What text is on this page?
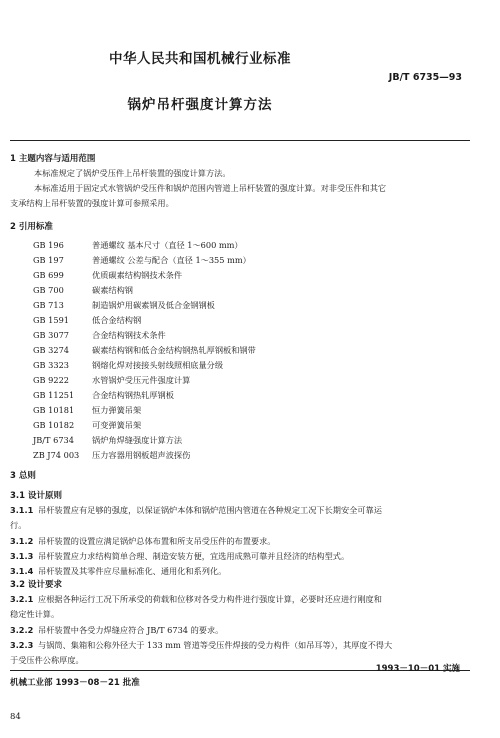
中华人民共和国机械行业标准
JB/T 6735—93
锅炉吊杆强度计算方法
1 主题内容与适用范围
本标准规定了锅炉受压件上吊杆装置的强度计算方法。
本标准适用于固定式水管锅炉受压件和锅炉范围内管道上吊杆装置的强度计算。对非受压件和其它
支承结构上吊杆装置的强度计算可参照采用。
2 引用标准
GB 196	普通螺纹 基本尺寸（直径 1～600 mm）
GB 197	普通螺纹 公差与配合（直径 1～355 mm）
GB 699	优质碳素结构钢技术条件
GB 700	碳素结构钢
GB 713	制造锅炉用碳素钢及低合金钢钢板
GB 1591	低合金结构钢
GB 3077	合金结构钢技术条件
GB 3274	碳素结构钢和低合金结构钢热轧厚钢板和钢带
GB 3323	钢熔化焊对接接头射线照相底量分级
GB 9222	水管锅炉受压元件强度计算
GB 11251 合金结构钢热轧厚钢板
GB 10181 恒力弹簧吊架
GB 10182 可变弹簧吊架
JB/T 6734 锅炉角焊缝强度计算方法
ZB J74 003 压力容器用钢板超声波探伤
3 总则
3.1 设计原则
3.1.1 吊杆装置应有足够的强度，以保证锅炉本体和锅炉范围内管道在各种规定工况下长期安全可靠运
行。
3.1.2 吊杆装置的设置应满足锅炉总体布置和所支吊受压件的布置要求。
3.1.3 吊杆装置应力求结构简单合理、制造安装方便，宜选用成熟可靠并且经济的结构型式。
3.1.4 吊杆装置及其零件应尽量标准化、通用化和系列化。
3.2 设计要求
3.2.1 应根据各种运行工况下所承受的荷载和位移对各受力构件进行强度计算，必要时还应进行刚度和
稳定性计算。
3.2.2 吊杆装置中各受力焊缝应符合 JB/T 6734 的要求。
3.2.3 与锅筒、集箱和公称外径大于 133 mm 管道等受压件焊接的受力构件（如吊耳等），其厚度不得大
于受压件公称厚度。
机械工业部 1993－08－21 批准
1993－10－01 实施
84
